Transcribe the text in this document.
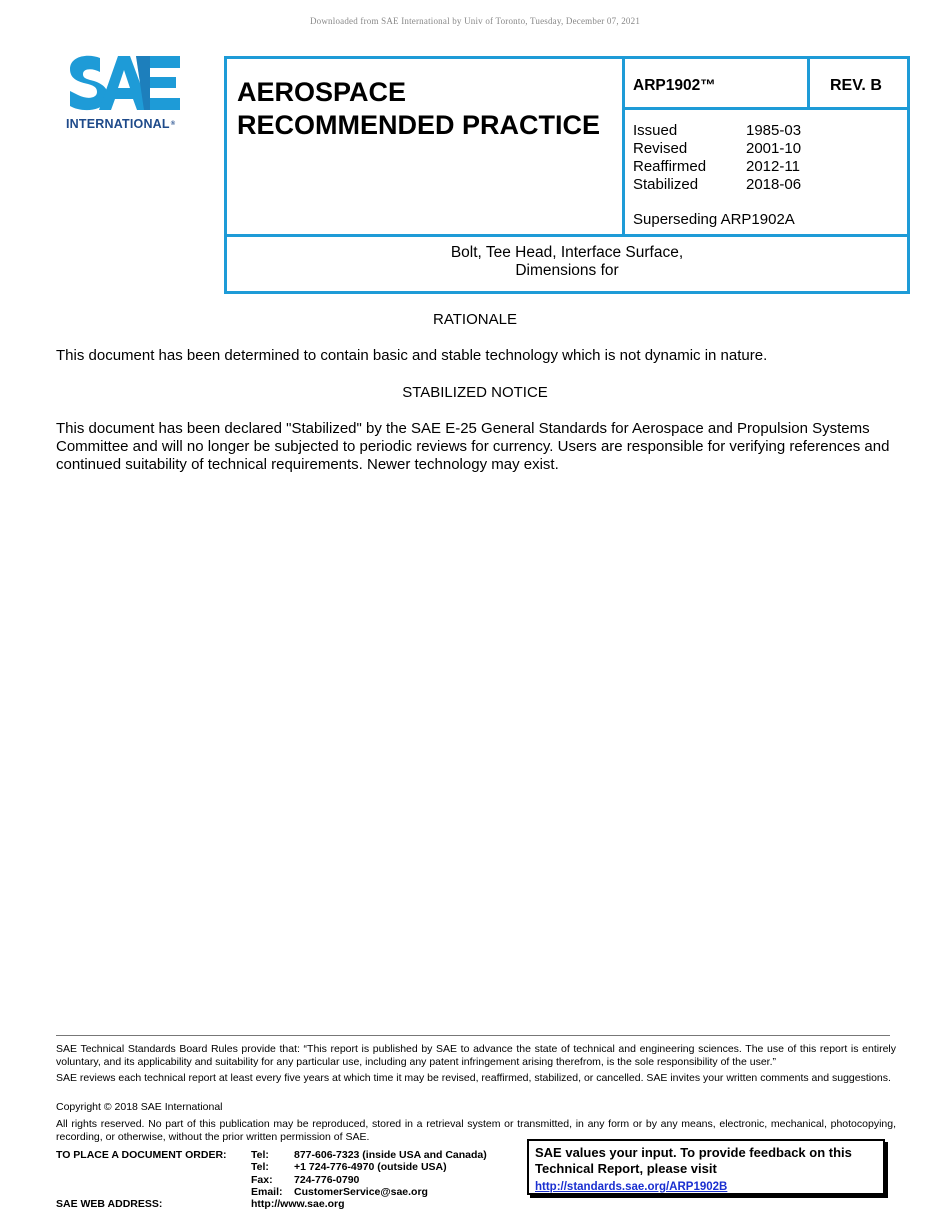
Downloaded from SAE International by Univ of Toronto, Tuesday, December 07, 2021
INTERNATIONAL®
AEROSPACE
RECOMMENDED PRACTICE
ARP1902™	REV. B
Issued	1985-03
Revised	2001-10
Reaffirmed	2012-11
Stabilized	2018-06
Superseding ARP1902A
Bolt, Tee Head, Interface Surface,
Dimensions for
RATIONALE
This document has been determined to contain basic and stable technology which is not dynamic in nature.
STABILIZED NOTICE
This document has been declared "Stabilized" by the SAE E-25 General Standards for Aerospace and Propulsion Systems Committee and will no longer be subjected to periodic reviews for currency. Users are responsible for verifying references and continued suitability of technical requirements. Newer technology may exist.
SAE Technical Standards Board Rules provide that: “This report is published by SAE to advance the state of technical and engineering sciences. The use of this report is entirely voluntary, and its applicability and suitability for any particular use, including any patent infringement arising therefrom, is the sole responsibility of the user.”
SAE reviews each technical report at least every five years at which time it may be revised, reaffirmed, stabilized, or cancelled. SAE invites your written comments and suggestions.
Copyright © 2018 SAE International
All rights reserved. No part of this publication may be reproduced, stored in a retrieval system or transmitted, in any form or by any means, electronic, mechanical, photocopying, recording, or otherwise, without the prior written permission of SAE.
TO PLACE A DOCUMENT ORDER: Tel:	877-606-7323 (inside USA and Canada)
Tel:	+1 724-776-4970 (outside USA)
Fax:	724-776-0790
Email:	CustomerService@sae.org
SAE WEB ADDRESS:	http://www.sae.org
SAE values your input. To provide feedback on this Technical Report, please visit
http://standards.sae.org/ARP1902B
